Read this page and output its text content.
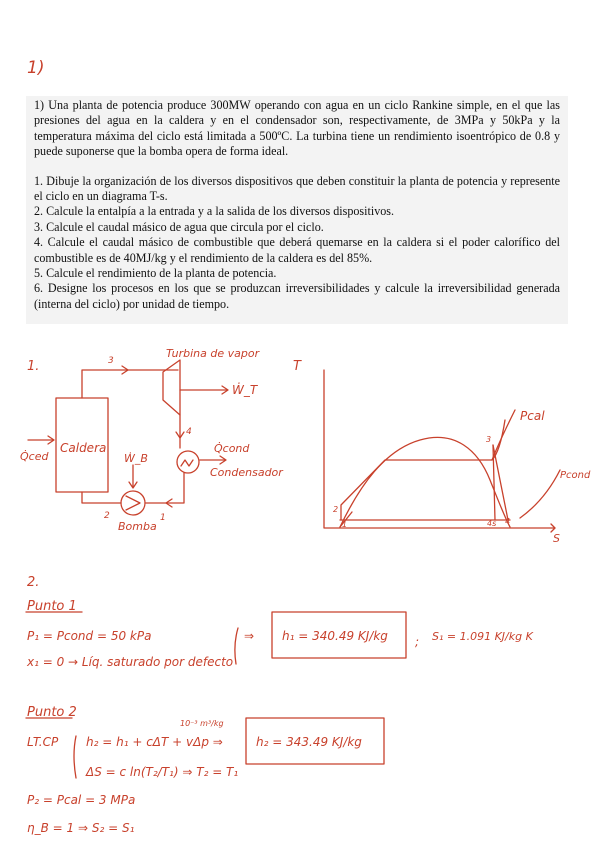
1)

1) Una planta de potencia produce 300MW operando con agua en un ciclo Rankine simple, en el que las presiones del agua en la caldera y en el condensador son, respectivamente, de 3MPa y 50kPa y la temperatura máxima del ciclo está limitada a 500ºC. La turbina tiene un rendimiento isoentrópico de 0.8 y puede suponerse que la bomba opera de forma ideal.

1. Dibuje la organización de los diversos dispositivos que deben constituir la planta de potencia y represente el ciclo en un diagrama T-s.

2. Calcule la entalpía a la entrada y a la salida de los diversos dispositivos.

3. Calcule el caudal másico de agua que circula por el ciclo.

4. Calcule el caudal másico de combustible que deberá quemarse en la caldera si el poder calorífico del combustible es de 40MJ/kg y el rendimiento de la caldera es del 85%.

5. Calcule el rendimiento de la planta de potencia.

6. Designe los procesos en los que se produzcan irreversibilidades y calcule la irreversibilidad generada (interna del ciclo) por unidad de tiempo.

1.
Turbina de vapor
Ẇ_T
Caldera
Q̇ced	Ẇ_B
Q̇cond
Condensador
Bomba
1
2
3
4
T
S
Pcal
Pcond
1
2
3
4s 4
2.
Punto 1
P₁ = Pcond = 50 kPa
x₁ = 0 → Líq. saturado por defecto
⇒ h₁ = 340.49 KJ/kg ; S₁ = 1.091 KJ/kg K
Punto 2
10⁻³ m³/kg
LT.CP h₂ = h₁ + cΔT + vΔp ⇒	h₂ = 343.49 KJ/kg
ΔS = c ln(T₂/T₁) ⇒ T₂ = T₁
P₂ = Pcal = 3 MPa
η_B = 1 ⇒ S₂ = S₁
